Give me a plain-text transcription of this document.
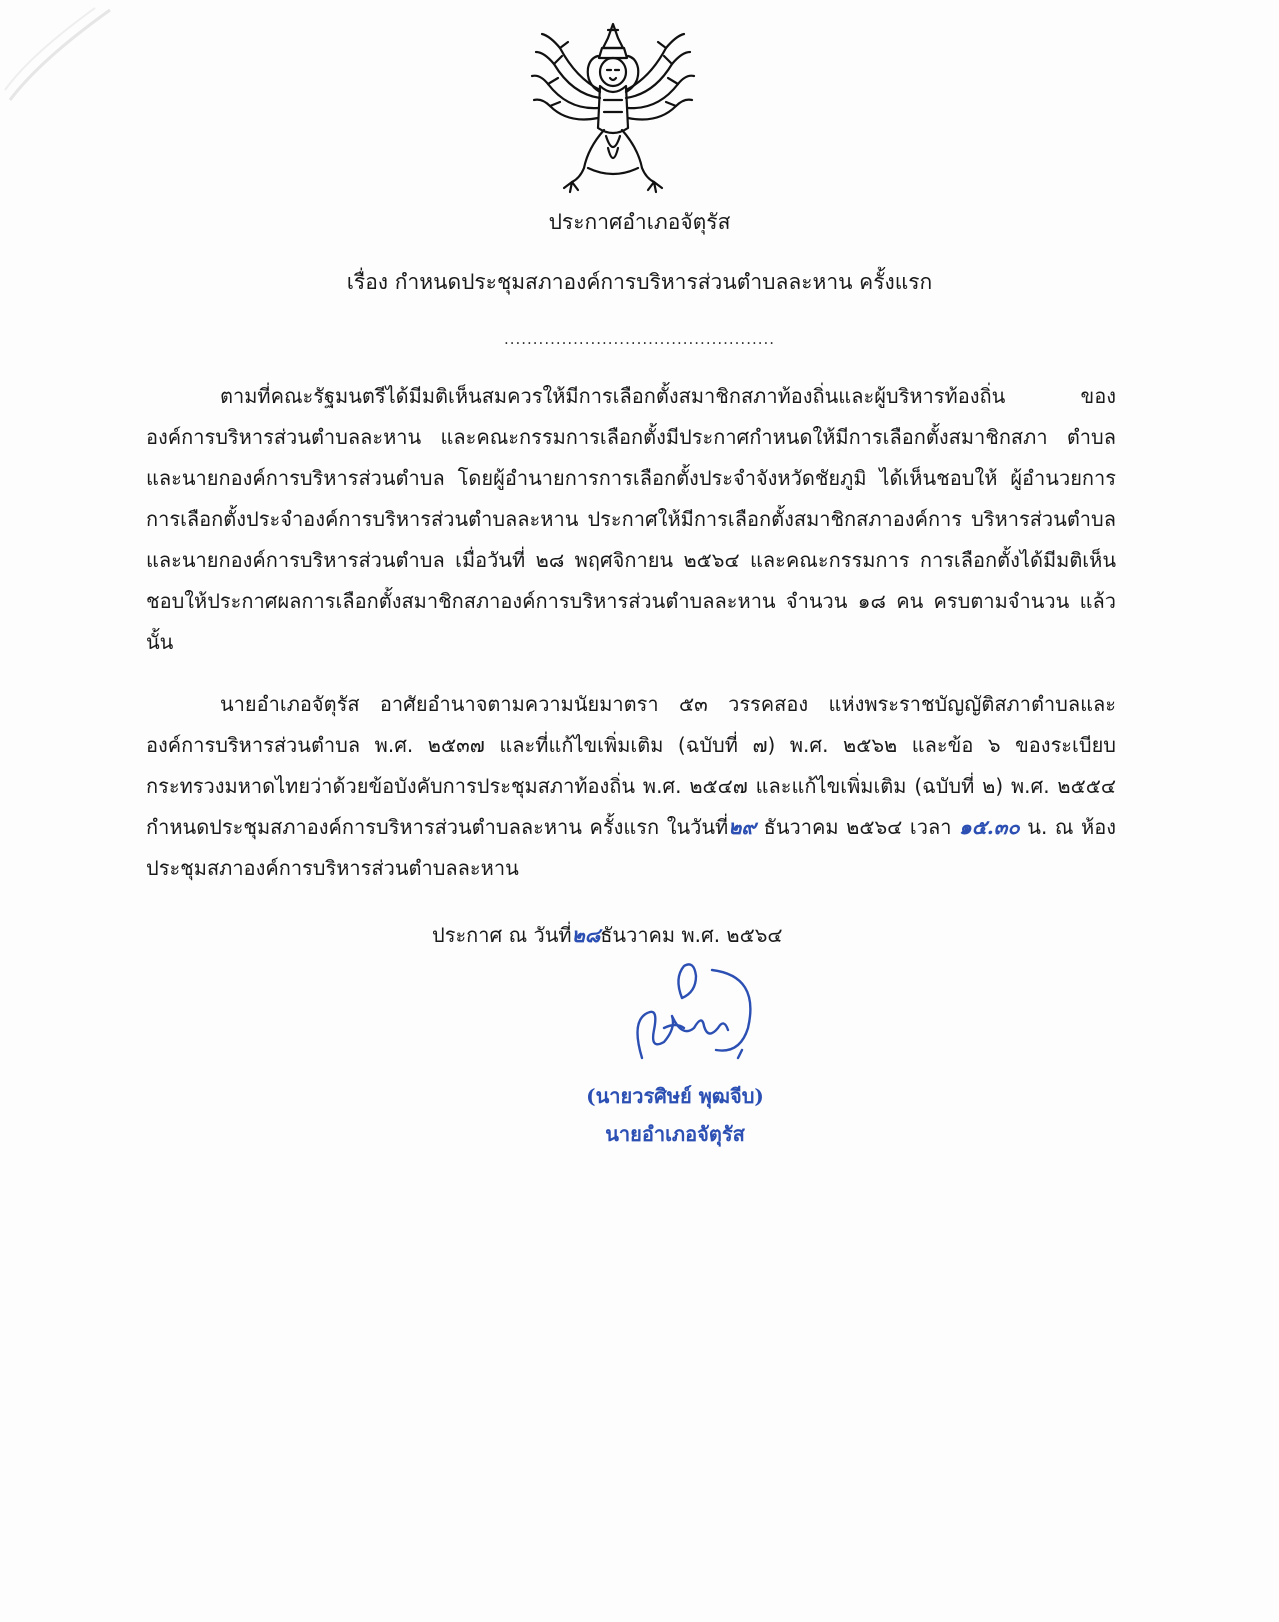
ประกาศอำเภอจัตุรัส
เรื่อง กำหนดประชุมสภาองค์การบริหารส่วนตำบลละหาน ครั้งแรก
...............................................

ตามที่คณะรัฐมนตรีได้มีมติเห็นสมควรให้มีการเลือกตั้งสมาชิกสภาท้องถิ่นและผู้บริหารท้องถิ่น ของ องค์การบริหารส่วนตำบลละหาน และคณะกรรมการเลือกตั้งมีประกาศกำหนดให้มีการเลือกตั้งสมาชิกสภา ตำบลและนายกองค์การบริหารส่วนตำบล โดยผู้อำนายการการเลือกตั้งประจำจังหวัดชัยภูมิ ได้เห็นชอบให้ ผู้อำนวยการการเลือกตั้งประจำองค์การบริหารส่วนตำบลละหาน ประกาศให้มีการเลือกตั้งสมาชิกสภาองค์การ บริหารส่วนตำบลและนายกองค์การบริหารส่วนตำบล เมื่อวันที่ ๒๘ พฤศจิกายน ๒๕๖๔ และคณะกรรมการ การเลือกตั้งได้มีมติเห็นชอบให้ประกาศผลการเลือกตั้งสมาชิกสภาองค์การบริหารส่วนตำบลละหาน จำนวน ๑๘ คน ครบตามจำนวน แล้ว นั้น

นายอำเภอจัตุรัส อาศัยอำนาจตามความนัยมาตรา ๕๓ วรรคสอง แห่งพระราชบัญญัติสภาตำบลและ องค์การบริหารส่วนตำบล พ.ศ. ๒๕๓๗ และที่แก้ไขเพิ่มเติม (ฉบับที่ ๗) พ.ศ. ๒๕๖๒ และข้อ ๖ ของระเบียบ กระทรวงมหาดไทยว่าด้วยข้อบังคับการประชุมสภาท้องถิ่น พ.ศ. ๒๕๔๗ และแก้ไขเพิ่มเติม (ฉบับที่ ๒) พ.ศ. ๒๕๕๔ กำหนดประชุมสภาองค์การบริหารส่วนตำบลละหาน ครั้งแรก ในวันที่๒๙ ธันวาคม ๒๕๖๔ เวลา ๑๕.๓๐ น. ณ ห้องประชุมสภาองค์การบริหารส่วนตำบลละหาน

ประกาศ ณ วันที่๒๘ธันวาคม พ.ศ. ๒๕๖๔
(นายวรศิษย์ พุฒจีบ)
นายอำเภอจัตุรัส
